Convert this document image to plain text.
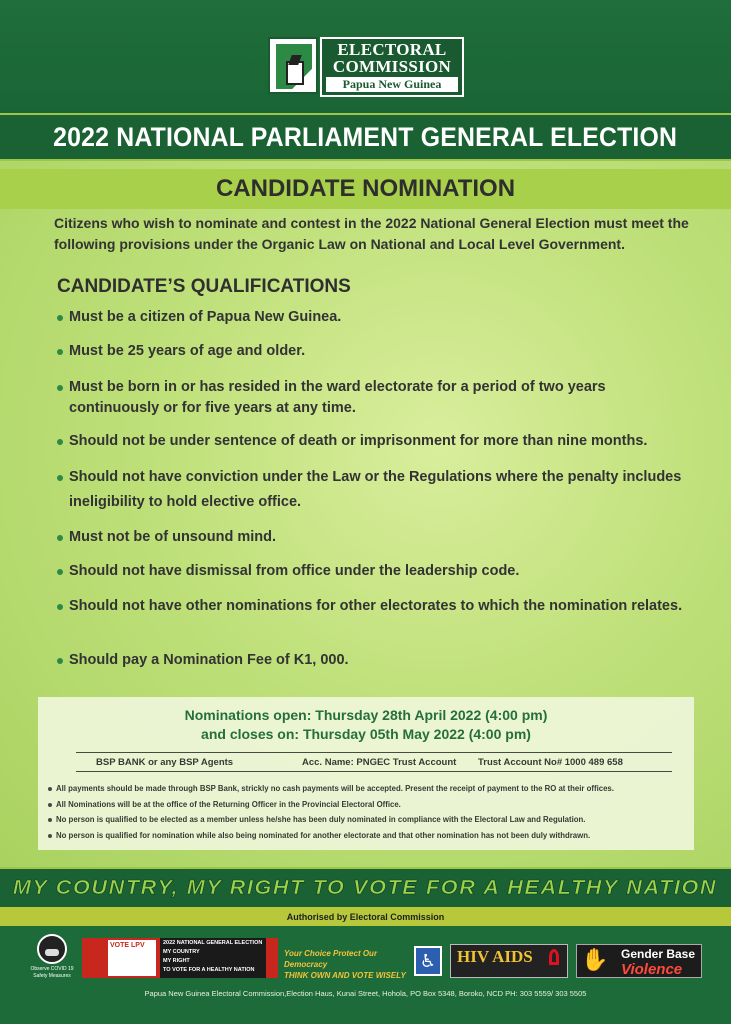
ELECTORAL
COMMISSION
Papua New Guinea
2022 NATIONAL PARLIAMENT GENERAL ELECTION
CANDIDATE NOMINATION

Citizens who wish to nominate and contest in the 2022 National General Election must meet the following provisions under the Organic Law on National and Local Level Government.

CANDIDATE’S QUALIFICATIONS
Must be a citizen of Papua New Guinea.
Must be 25 years of age and older.
Must be born in or has resided in the ward electorate for a period of two years continuously or for five years at any time.
Should not be under sentence of death or imprisonment for more than nine months.
Should not have conviction under the Law or the Regulations where the penalty includes ineligibility to hold elective office.
Must not be of unsound mind.
Should not have dismissal from office under the leadership code.
Should not have other nominations for other electorates to which the nomination relates.
Should pay a Nomination Fee of K1, 000.
Nominations open: Thursday 28th April 2022 (4:00 pm)
and closes on: Thursday 05th May 2022 (4:00 pm)
BSP BANK or any BSP Agents	Acc. Name: PNGEC Trust Account Trust Account No# 1000 489 658
All payments should be made through BSP Bank, strickly no cash payments will be accepted. Present the receipt of payment to the RO at their offices.
All Nominations will be at the office of the Returning Officer in the Provincial Electoral Office.
No person is qualified to be elected as a member unless he/she has been duly nominated in compliance with the Electoral Law and Regulation.
No person is qualified for nomination while also being nominated for another electorate and that other nomination has not been duly withdrawn.
MY COUNTRY, MY RIGHT TO VOTE FOR A HEALTHY NATION
Authorised by Electoral Commission
Observe COVID 19 Safety Measures
VOTE LPV	2022 NATIONAL GENERAL ELECTION
MY COUNTRY
MY RIGHT
TO VOTE FOR A HEALTHY NATION
Your Choice Protect Our Democracy
THINK OWN AND VOTE WISELY
♿	HIV AIDS ✋ Gender Base
Violence
Papua New Guinea Electoral Commission,Election Haus, Kunai Street, Hohola, PO Box 5348, Boroko, NCD PH: 303 5559/ 303 5505
